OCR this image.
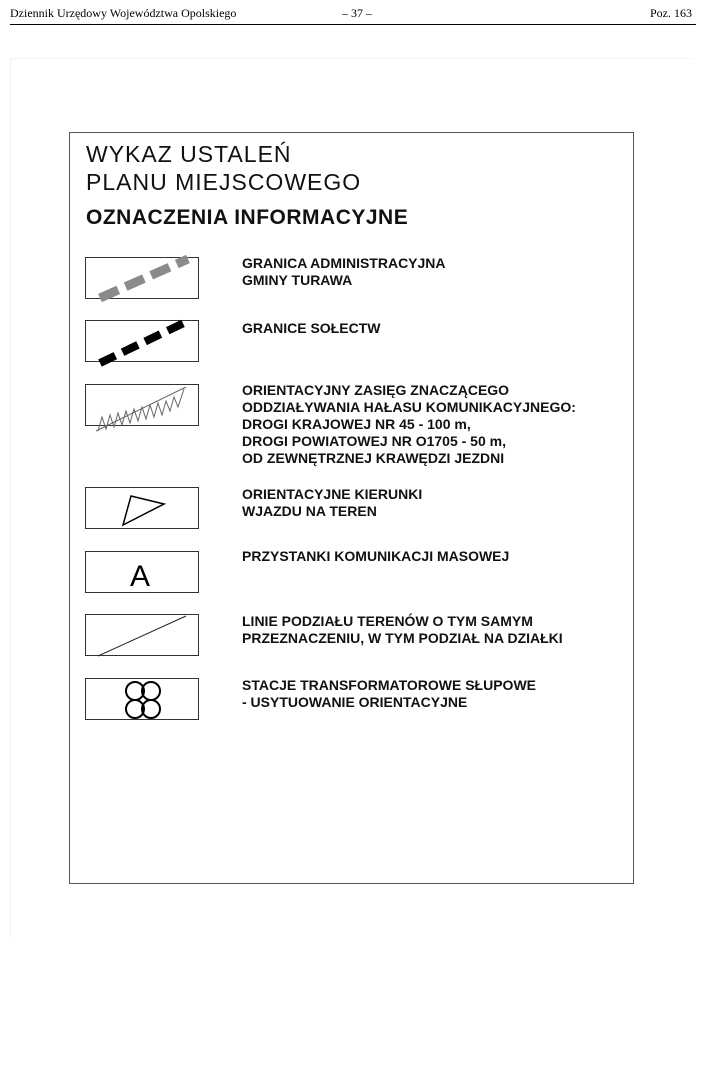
Dziennik Urzędowy Województwa Opolskiego	– 37 –	Poz. 163
WYKAZ USTALEŃ
PLANU MIEJSCOWEGO
OZNACZENIA INFORMACYJNE
GRANICA ADMINISTRACYJNA
GMINY TURAWA
GRANICE SOŁECTW
ORIENTACYJNY ZASIĘG ZNACZĄCEGO
ODDZIAŁYWANIA HAŁASU KOMUNIKACYJNEGO:
DROGI KRAJOWEJ NR 45 - 100 m,
DROGI POWIATOWEJ NR O1705 - 50 m,
OD ZEWNĘTRZNEJ KRAWĘDZI JEZDNI
ORIENTACYJNE KIERUNKI
WJAZDU NA TEREN
A
PRZYSTANKI KOMUNIKACJI MASOWEJ
LINIE PODZIAŁU TERENÓW O TYM SAMYM
PRZEZNACZENIU, W TYM PODZIAŁ NA DZIAŁKI
STACJE TRANSFORMATOROWE SŁUPOWE
- USYTUOWANIE ORIENTACYJNE
